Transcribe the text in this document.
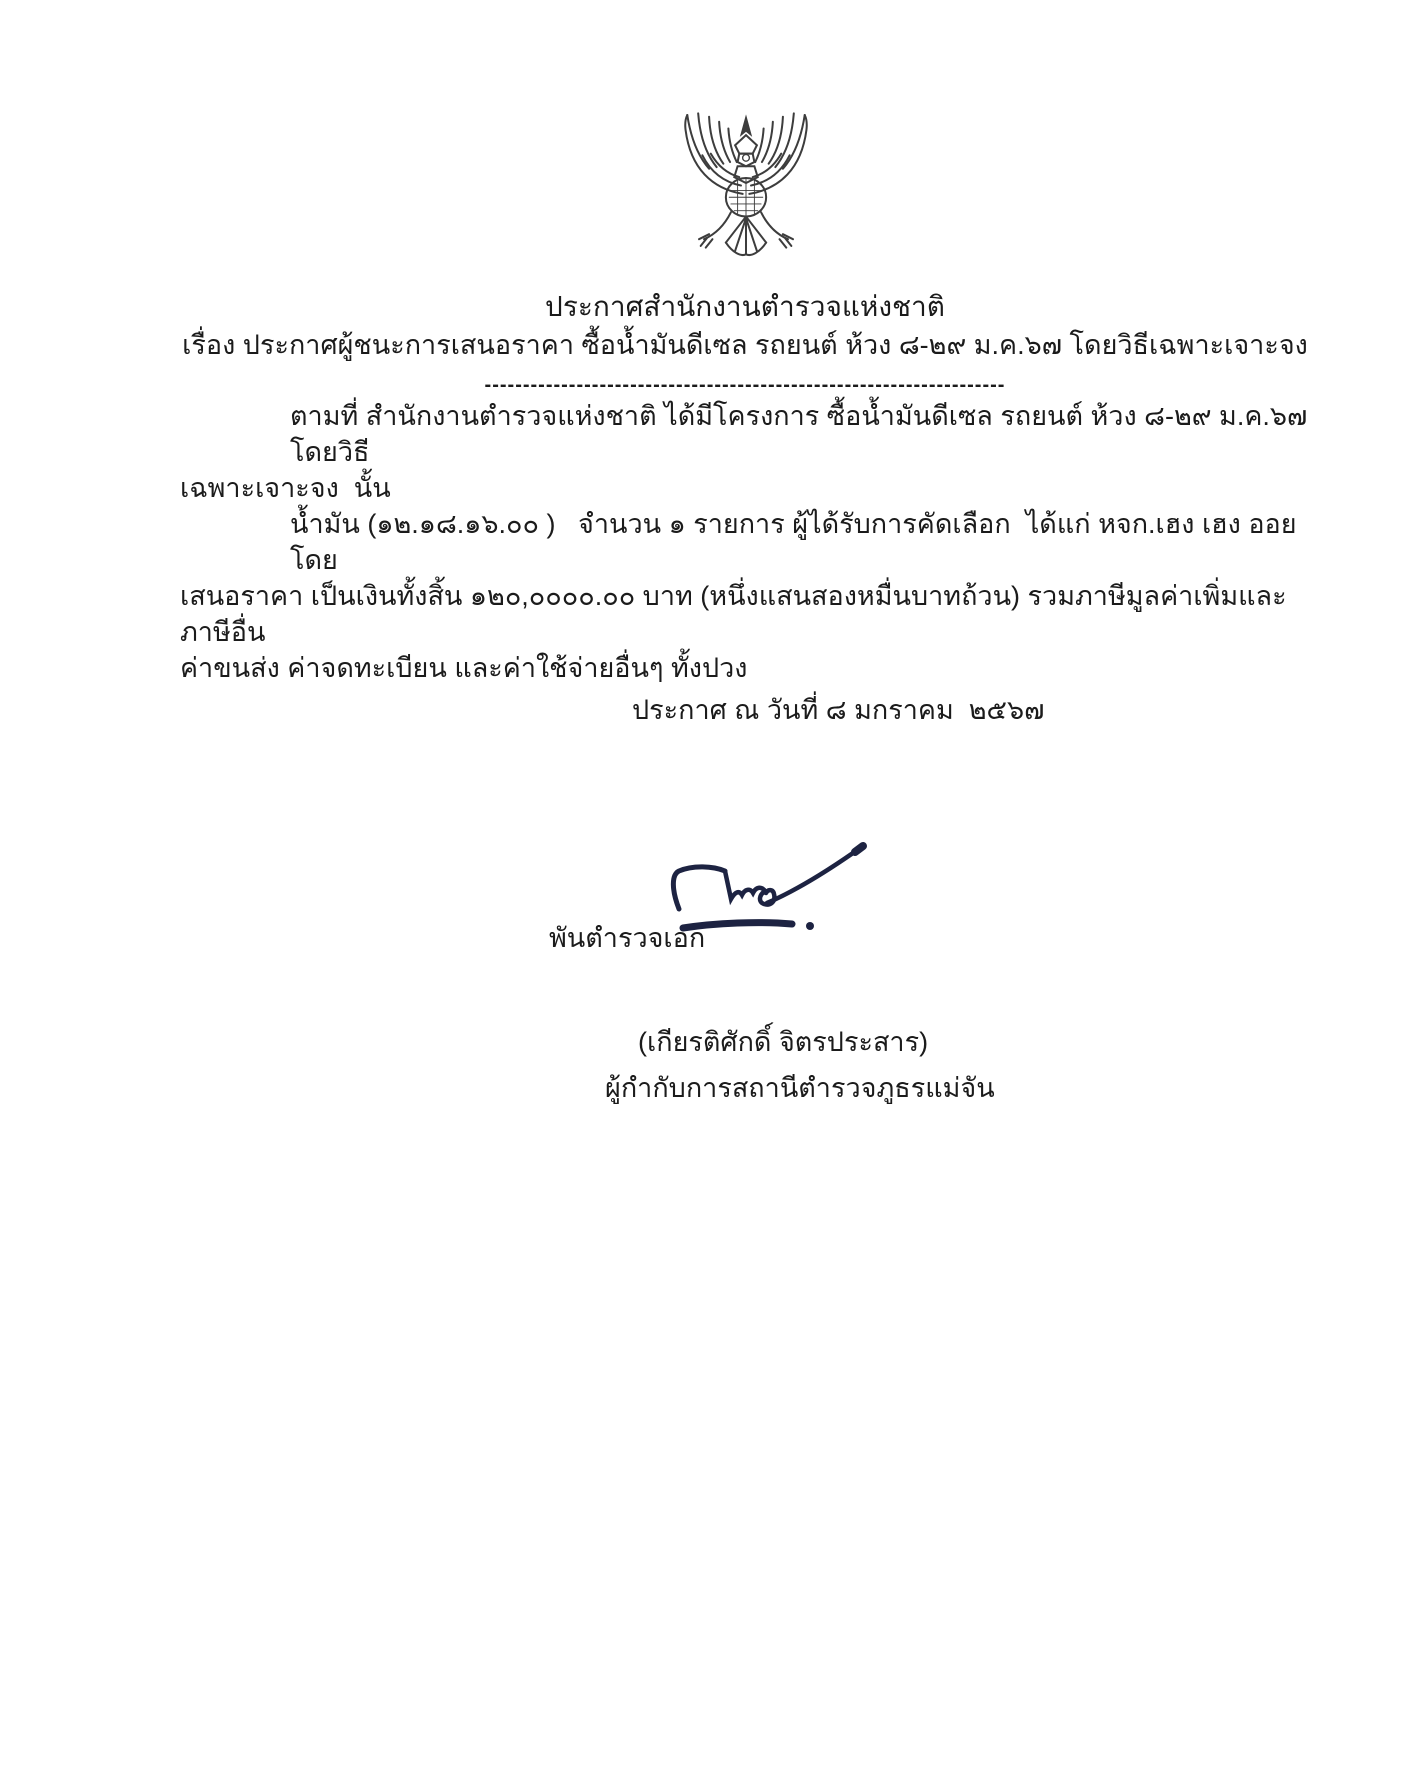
ประกาศสำนักงานตำรวจแห่งชาติ
เรื่อง ประกาศผู้ชนะการเสนอราคา ซื้อน้ำมันดีเซล รถยนต์ ห้วง ๘-๒๙ ม.ค.๖๗ โดยวิธีเฉพาะเจาะจง
--------------------------------------------------------------------
ตามที่ สำนักงานตำรวจแห่งชาติ ได้มีโครงการ ซื้อน้ำมันดีเซล รถยนต์ ห้วง ๘-๒๙ ม.ค.๖๗ โดยวิธี
เฉพาะเจาะจง  นั้น
น้ำมัน (๑๒.๑๘.๑๖.๐๐ )   จำนวน ๑ รายการ ผู้ได้รับการคัดเลือก  ได้แก่ หจก.เฮง เฮง ออย โดย
เสนอราคา เป็นเงินทั้งสิ้น ๑๒๐,๐๐๐๐.๐๐ บาท (หนึ่งแสนสองหมื่นบาทถ้วน) รวมภาษีมูลค่าเพิ่มและภาษีอื่น
ค่าขนส่ง ค่าจดทะเบียน และค่าใช้จ่ายอื่นๆ ทั้งปวง
ประกาศ ณ วันที่ ๘ มกราคม  ๒๕๖๗
พันตำรวจเอก
(เกียรติศักดิ์ จิตรประสาร)
ผู้กำกับการสถานีตำรวจภูธรแม่จัน
